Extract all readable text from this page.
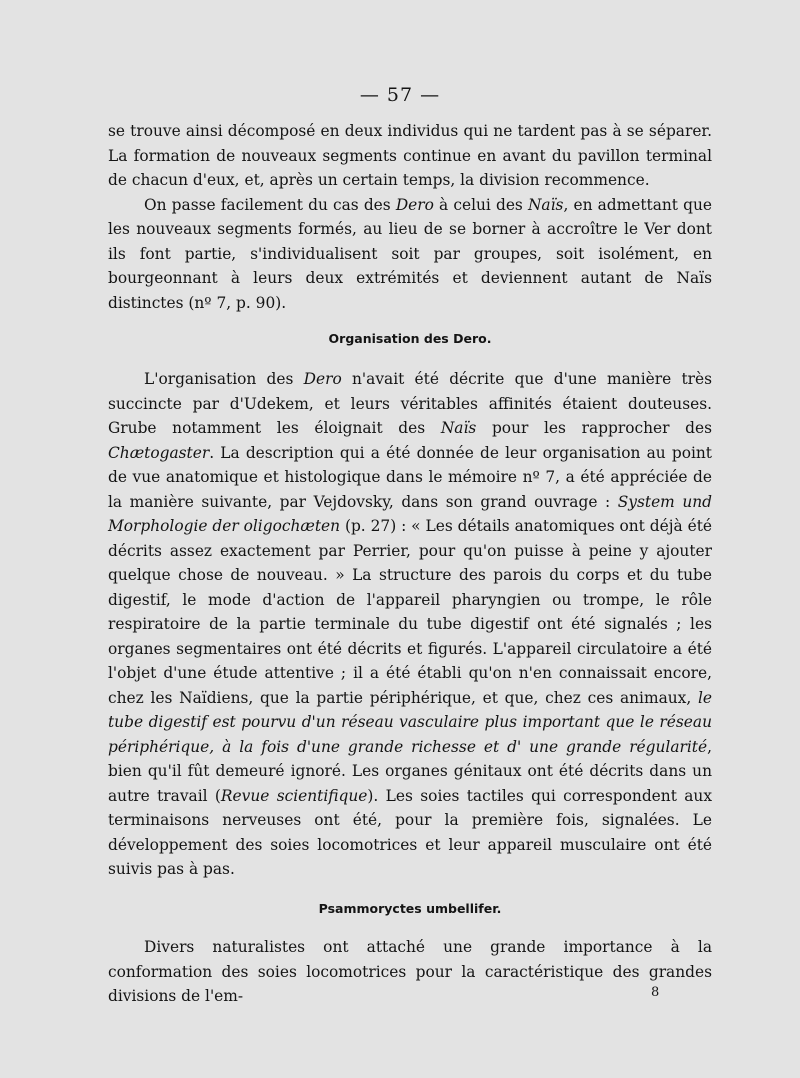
— 57 —

se trouve ainsi décomposé en deux individus qui ne tardent pas à se séparer. La formation de nouveaux segments continue en avant du pavillon terminal de chacun d'eux, et, après un certain temps, la division recommence.

On passe facilement du cas des Dero à celui des Naïs, en admettant que les nouveaux segments formés, au lieu de se borner à accroître le Ver dont ils font partie, s'individualisent soit par groupes, soit isolément, en bourgeonnant à leurs deux extrémités et deviennent autant de Naïs distinctes (nº 7, p. 90).

Organisation des Dero.

L'organisation des Dero n'avait été décrite que d'une manière très succincte par d'Udekem, et leurs véritables affinités étaient douteuses. Grube notamment les éloignait des Naïs pour les rapprocher des Chætogaster. La description qui a été donnée de leur organisation au point de vue anatomique et histologique dans le mémoire nº 7, a été appréciée de la manière suivante, par Vejdovsky, dans son grand ouvrage : System und Morphologie der oligochæten (p. 27) : « Les détails anatomiques ont déjà été décrits assez exactement par Perrier, pour qu'on puisse à peine y ajouter quelque chose de nouveau. » La structure des parois du corps et du tube digestif, le mode d'action de l'appareil pharyngien ou trompe, le rôle respiratoire de la partie terminale du tube digestif ont été signalés ; les organes segmentaires ont été décrits et figurés. L'appareil circulatoire a été l'objet d'une étude attentive ; il a été établi qu'on n'en connaissait encore, chez les Naïdiens, que la partie périphérique, et que, chez ces animaux, le tube digestif est pourvu d'un réseau vasculaire plus important que le réseau périphérique, à la fois d'une grande richesse et d' une grande régularité, bien qu'il fût demeuré ignoré. Les organes génitaux ont été décrits dans un autre travail (Revue scientifique). Les soies tactiles qui correspondent aux terminaisons nerveuses ont été, pour la première fois, signalées. Le développement des soies locomotrices et leur appareil musculaire ont été suivis pas à pas.

Psammoryctes umbellifer.

Divers naturalistes ont attaché une grande importance à la conformation des soies locomotrices pour la caractéristique des grandes divisions de l'em-	8
